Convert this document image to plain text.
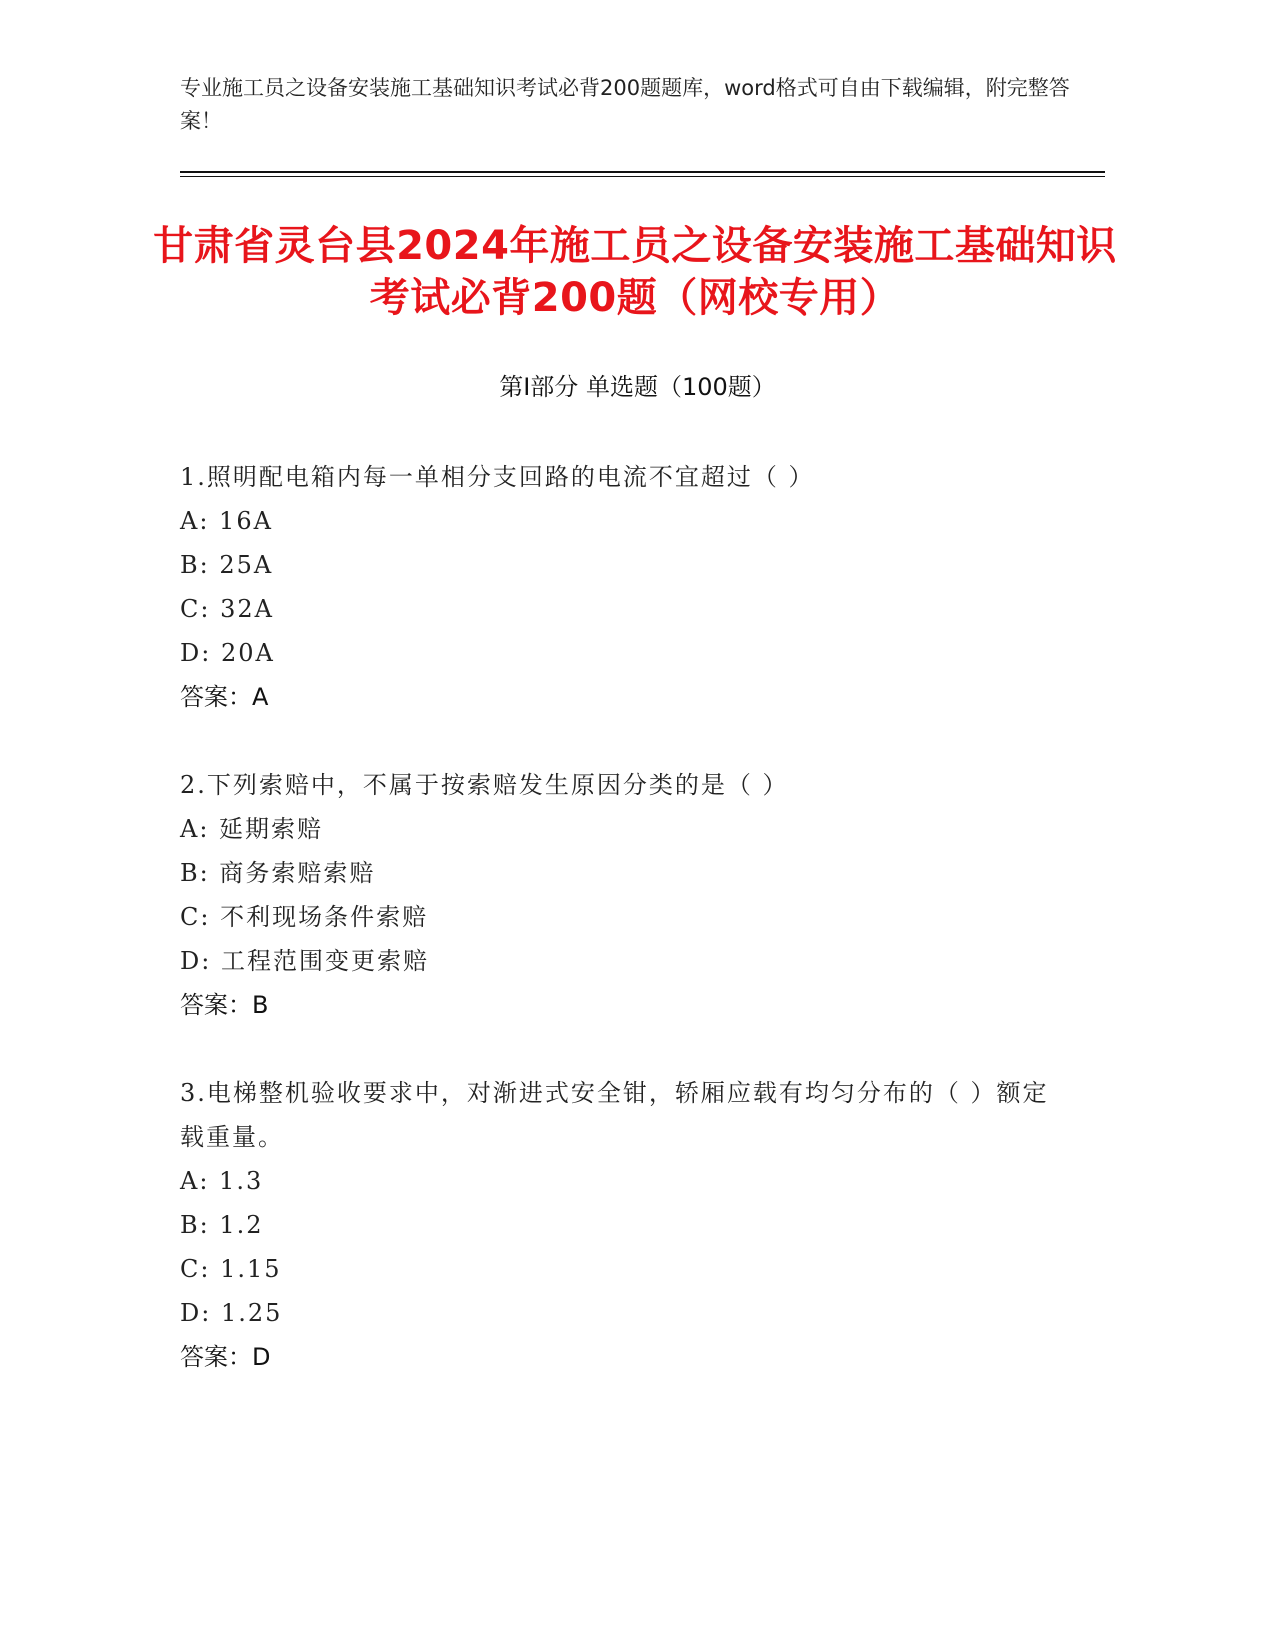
专业施工员之设备安装施工基础知识考试必背200题题库，word格式可自由下载编辑，附完整答案！
甘肃省灵台县2024年施工员之设备安装施工基础知识考试必背200题（网校专用）
第Ⅰ部分 单选题（100题）
1.照明配电箱内每一单相分支回路的电流不宜超过（ ）
A: 16A
B: 25A
C: 32A
D: 20A
答案：A
2.下列索赔中，不属于按索赔发生原因分类的是（ ）
A: 延期索赔
B: 商务索赔索赔
C: 不利现场条件索赔
D: 工程范围变更索赔
答案：B
3.电梯整机验收要求中，对渐进式安全钳，轿厢应载有均匀分布的（ ）额定载重量。
A: 1.3
B: 1.2
C: 1.15
D: 1.25
答案：D
